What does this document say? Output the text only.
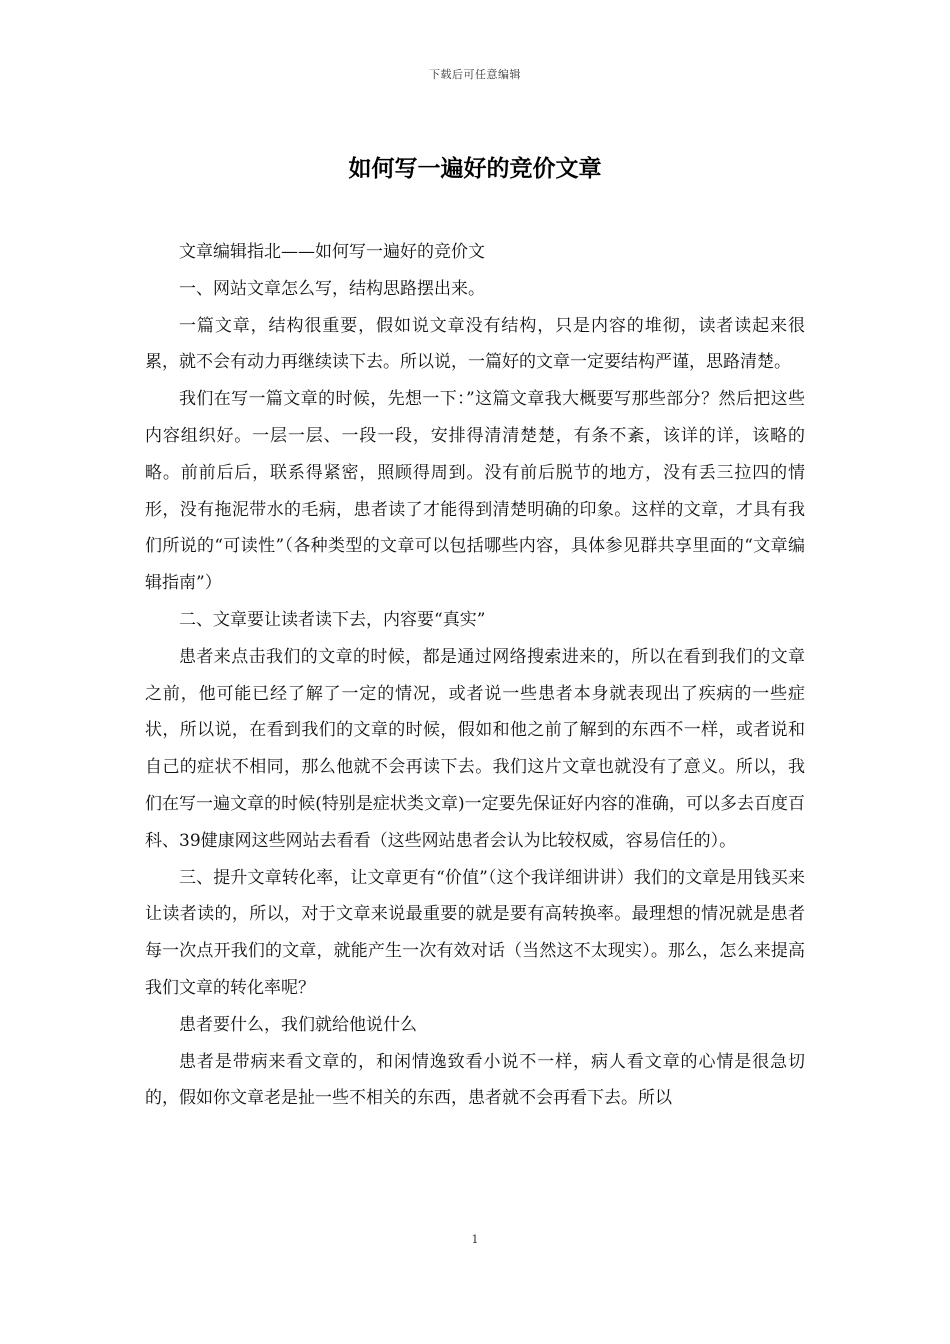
下载后可任意编辑
如何写一遍好的竞价文章

文章编辑指北——如何写一遍好的竞价文

一、网站文章怎么写，结构思路摆出来。

一篇文章，结构很重要，假如说文章没有结构，只是内容的堆彻，读者读起来很累，就不会有动力再继续读下去。所以说，一篇好的文章一定要结构严谨，思路清楚。

我们在写一篇文章的时候，先想一下：”这篇文章我大概要写那些部分？然后把这些内容组织好。一层一层、一段一段，安排得清清楚楚，有条不紊，该详的详，该略的略。前前后后，联系得紧密，照顾得周到。没有前后脱节的地方，没有丢三拉四的情形，没有拖泥带水的毛病，患者读了才能得到清楚明确的印象。这样的文章，才具有我们所说的“可读性”（各种类型的文章可以包括哪些内容，具体参见群共享里面的“文章编辑指南”）

二、文章要让读者读下去，内容要“真实”

患者来点击我们的文章的时候，都是通过网络搜索进来的，所以在看到我们的文章之前，他可能已经了解了一定的情况，或者说一些患者本身就表现出了疾病的一些症状，所以说，在看到我们的文章的时候，假如和他之前了解到的东西不一样，或者说和自己的症状不相同，那么他就不会再读下去。我们这片文章也就没有了意义。所以，我们在写一遍文章的时候(特别是症状类文章)一定要先保证好内容的准确，可以多去百度百科、39健康网这些网站去看看（这些网站患者会认为比较权威，容易信任的）。

三、提升文章转化率，让文章更有“价值”（这个我详细讲讲）我们的文章是用钱买来让读者读的，所以，对于文章来说最重要的就是要有高转换率。最理想的情况就是患者每一次点开我们的文章，就能产生一次有效对话（当然这不太现实）。那么，怎么来提高我们文章的转化率呢？

患者要什么，我们就给他说什么

患者是带病来看文章的，和闲情逸致看小说不一样，病人看文章的心情是很急切的，假如你文章老是扯一些不相关的东西，患者就不会再看下去。所以

1
